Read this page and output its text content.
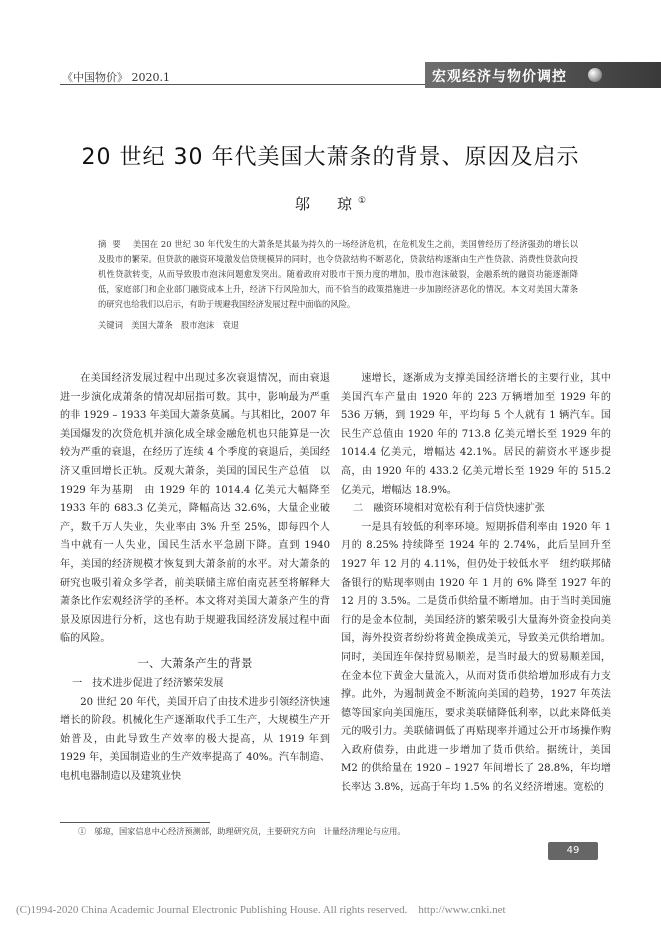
《中国物价》 2020.1	宏观经济与物价调控
20 世纪 30 年代美国大萧条的背景、原因及启示
邬　琼①
摘要 美国在 20 世纪 30 年代发生的大萧条是其最为持久的一场经济危机，在危机发生之前，美国曾经历了经济强劲的增长以及股市的繁荣。但贷款的融资环境激发信贷规模异的同时，也令贷款结构不断恶化，贷款结构逐渐由生产性贷款、消费性贷款向投机性贷款转变，从而导致股市泡沫问题愈发突出。随着政府对股市干预力度的增加，股市泡沫破裂，金融系统的融资功能逐渐降低，家庭部门和企业部门融资成本上升，经济下行风险加大，而不恰当的政策措施进一步加剧经济恶化的情况。本文对美国大萧条的研究也给我们以启示，有助于规避我国经济发展过程中面临的风险。
关键词　 美国大萧条　股市泡沫　衰退

在美国经济发展过程中出现过多次衰退情况，而由衰退进一步演化成萧条的情况却屈指可数。其中，影响最为严重的非 1929 – 1933 年美国大萧条莫属。与其相比，2007 年美国爆发的次贷危机并演化成全球金融危机也只能算是一次较为严重的衰退，在经历了连续 4 个季度的衰退后，美国经济又重回增长正轨。反观大萧条，美国的国民生产总值　以 1929 年为基期　由 1929 年的 1014.4 亿美元大幅降至 1933 年的 683.3 亿美元，降幅高达 32.6%，大量企业破产，数千万人失业，失业率由 3% 升至 25%，即每四个人当中就有一人失业，国民生活水平急剧下降。直到 1940 年，美国的经济规模才恢复到大萧条前的水平。对大萧条的研究也吸引着众多学者，前美联储主席伯南克甚至将解释大萧条比作宏观经济学的圣杯。本文将对美国大萧条产生的背景及原因进行分析，这也有助于规避我国经济发展过程中面临的风险。

一、大萧条产生的背景

一　技术进步促进了经济繁荣发展

20 世纪 20 年代，美国开启了由技术进步引领经济快速增长的阶段。机械化生产逐渐取代手工生产，大规模生产开始普及，由此导致生产效率的极大提高，从 1919 年到 1929 年，美国制造业的生产效率提高了 40%。汽车制造、电机电器制造以及建筑业快

速增长，逐渐成为支撑美国经济增长的主要行业，其中美国汽车产量由 1920 年的 223 万辆增加至 1929 年的 536 万辆，到 1929 年，平均每 5 个人就有 1 辆汽车。国民生产总值由 1920 年的 713.8 亿美元增长至 1929 年的 1014.4 亿美元，增幅达 42.1%。居民的薪资水平逐步提高，由 1920 年的 433.2 亿美元增长至 1929 年的 515.2 亿美元，增幅达 18.9%。

二　融资环境相对宽松有利于信贷快速扩张

一是具有较低的利率环境。短期拆借利率由 1920 年 1 月的 8.25% 持续降至 1924 年的 2.74%，此后呈回升至 1927 年 12 月的 4.11%，但仍处于较低水平　纽约联邦储备银行的贴现率则由 1920 年 1 月的 6% 降至 1927 年的 12 月的 3.5%。二是货币供给量不断增加。由于当时美国施行的是金本位制，美国经济的繁荣吸引大量海外资金投向美国，海外投资者纷纷将黄金换成美元，导致美元供给增加。同时，美国连年保持贸易顺差，是当时最大的贸易顺差国，在金本位下黄金大量流入，从而对货币供给增加形成有力支撑。此外，为遏制黄金不断流向美国的趋势，1927 年英法德等国家向美国施压，要求美联储降低利率，以此来降低美元的吸引力。美联储调低了再贴现率并通过公开市场操作购入政府债券，由此进一步增加了货币供给。据统计，美国 M2 的供给量在 1920 – 1927 年间增长了 28.8%，年均增长率达 3.8%，远高于年均 1.5% 的名义经济增速。宽松的

①　 邬琼，国家信息中心经济预测部，助理研究员，主要研究方向　计量经济理论与应用。
49
(C)1994-2020 China Academic Journal Electronic Publishing House. All rights reserved.　http://www.cnki.net
